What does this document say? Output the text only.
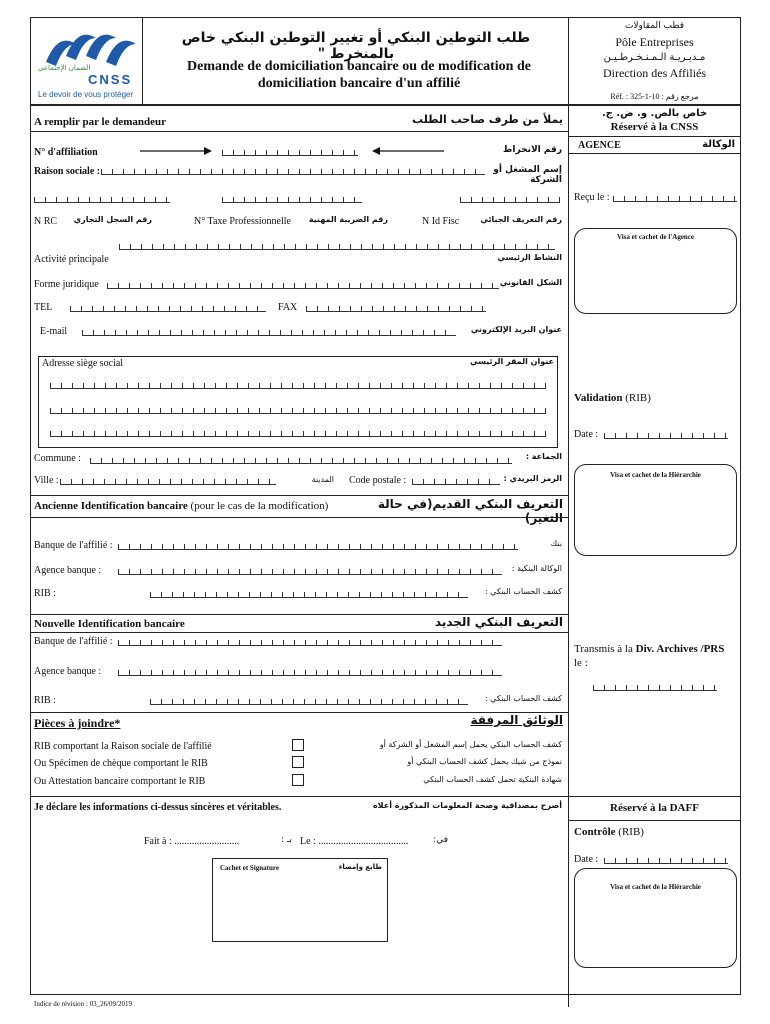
الضمان الإجتماعي
CNSS
Le devoir de vous protéger
طلب التوطين البنكي أو تغيير التوطين البنكي خاص بالمنخرط "
Demande de domiciliation bancaire ou de modification de domiciliation bancaire d'un affilié
قطب المقاولات
Pôle Entreprises
مـديـريـة الـمـنـخـرطـيـن
Direction des Affiliés
Réf. : 325-1-10 : مرجع رقم
خاص بالص. و. ض. ج.
Réservé à la CNSS
AGENCE	الوكالة
Reçu le :
Visa et cachet de l'Agence
Validation (RIB)
Date :
Visa et cachet de la Hiérarchie
Transmis à la Div. Archives /PRS
le :
Réservé à la DAFF
Contrôle (RIB)
Date :
Visa et cachet de la Hiérarchie
A remplir par le demandeur	يملأ من طرف صاحب الطلب
N° d'affiliation	رقم الانخراط
Raison sociale :	إسم المشغل أو الشركة
N RC	رقم السجل التجاري	N° Taxe Professionnelle	رقم الضريبة المهنية	N Id Fisc	رقم التعريف الجبائي
Activité principale	النشاط الرئيسي
Forme juridique	الشكل القانوني
TEL	FAX
E-mail	عنوان البريد الإلكتروني
Adresse siège social	عنوان المقر الرئيسي
Commune :	الجماعة :
Ville :	المدينة Code postale :	الرمز البريدي :
Ancienne Identification bancaire (pour le cas de la modification)	التعريف البنكي القديم(في حالة التغير)
Banque de l'affilié :	بنك
Agence banque :	الوكالة البنكية :
RIB :	كشف الحساب البنكي :
Nouvelle Identification bancaire	التعريف البنكي الجديد
Banque de l'affilié :
Agence banque :
RIB :	كشف الحساب البنكي :
Pièces à joindre*	الوثائق المرفقة
RIB comportant la Raison sociale de l'affilié	كشف الحساب البنكي يحمل إسم المشغل أو الشركة أو
Ou Spécimen de chèque comportant le RIB	نموذج من شيك يحمل كشف الحساب البنكي أو
Ou Attestation bancaire comportant le RIB	شهادة البنكية تحمل كشف الحساب البنكي
Je déclare les informations ci-dessus sincères et véritables.	أصرح بمصداقية وصحة المعلومات المذكورة أعلاه
Fait à : ..........................	بـ : Le : ....................................	في:
Cachet et Signature	طابع وإمضاء
Indice de révision : 03_26/09/2019
